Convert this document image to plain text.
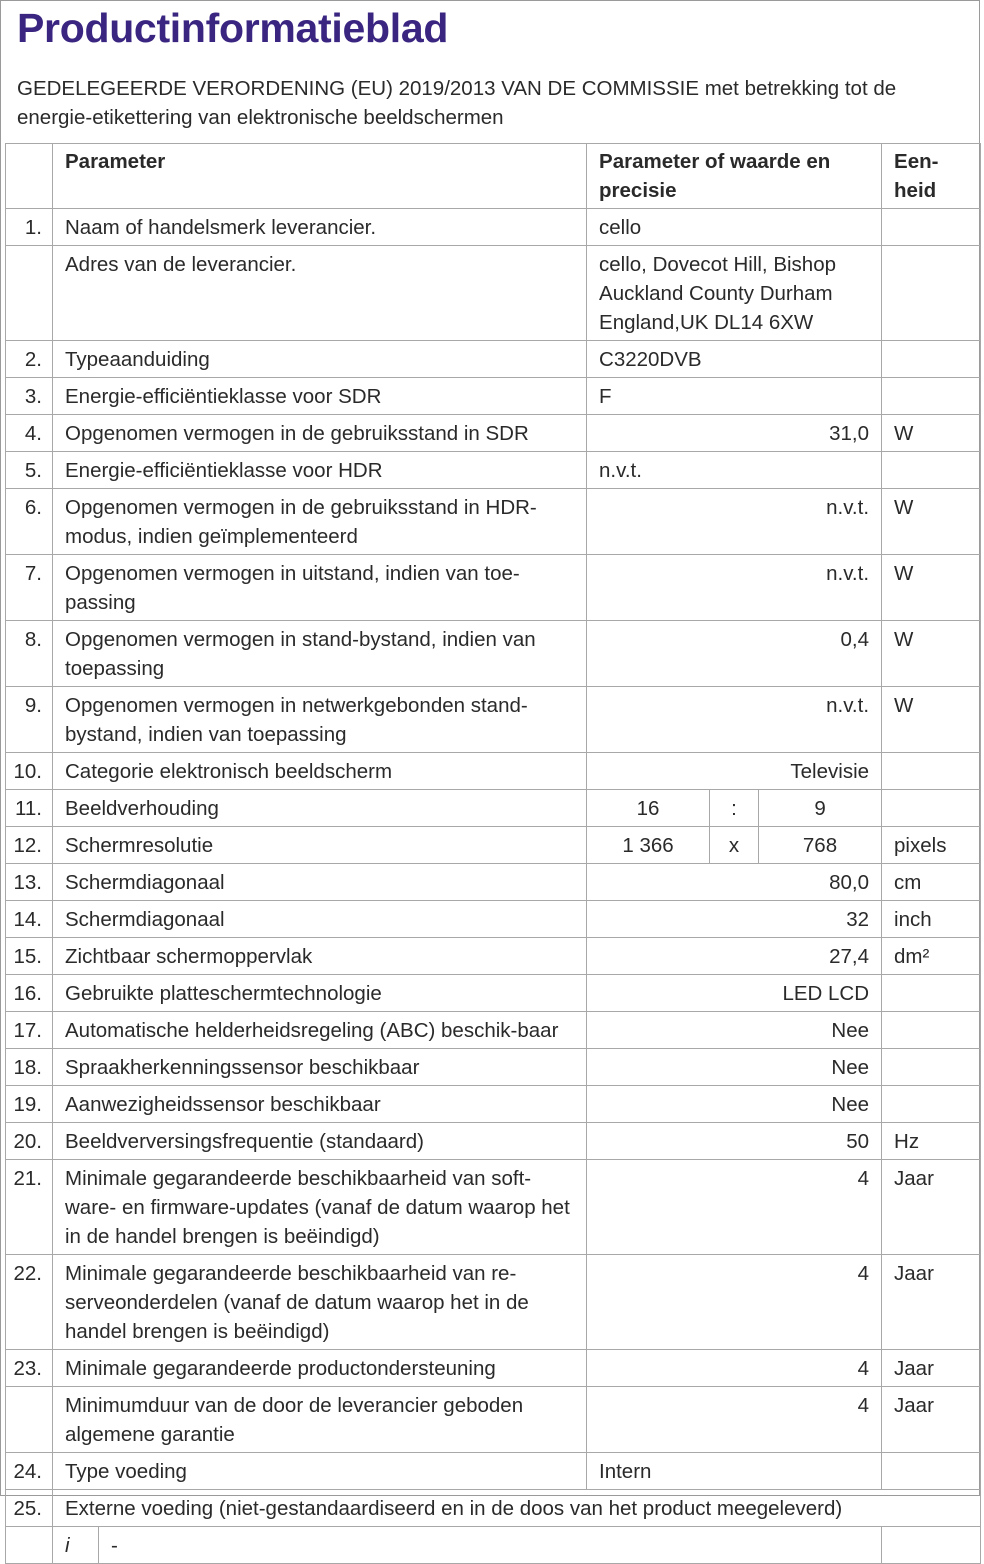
Productinformatieblad
GEDELEGEERDE VERORDENING (EU) 2019/2013 VAN DE COMMISSIE met betrekking tot de energie-etikettering van elektronische beeldschermen
	Parameter		Parameter of waarde en precisie			Een-heid
1.	Naam of handelsmerk leverancier.		cello			
	Adres van de leverancier.		cello, Dovecot Hill, Bishop Auckland County Durham England,UK DL14 6XW			
2.	Typeaanduiding		C3220DVB			
3.	Energie-efficiëntieklasse voor SDR		F			
4.	Opgenomen vermogen in de gebruiksstand in SDR		31,0			W
5.	Energie-efficiëntieklasse voor HDR		n.v.t.			
6.	Opgenomen vermogen in de gebruiksstand in HDR-modus, indien geïmplementeerd		n.v.t.			W
7.	Opgenomen vermogen in uitstand, indien van toe-passing		n.v.t.			W
8.	Opgenomen vermogen in stand-bystand, indien van toepassing		0,4			W
9.	Opgenomen vermogen in netwerkgebonden stand-bystand, indien van toepassing		n.v.t.			W
10.	Categorie elektronisch beeldscherm		Televisie			
11.	Beeldverhouding		16	:	9	
12.	Schermresolutie		1 366	x	768	pixels
13.	Schermdiagonaal		80,0			cm
14.	Schermdiagonaal		32			inch
15.	Zichtbaar schermoppervlak		27,4			dm²
16.	Gebruikte platteschermtechnologie		LED LCD			
17.	Automatische helderheidsregeling (ABC) beschik-baar		Nee			
18.	Spraakherkenningssensor beschikbaar		Nee			
19.	Aanwezigheidssensor beschikbaar		Nee			
20.	Beeldverversingsfrequentie (standaard)		50			Hz
21.	Minimale gegarandeerde beschikbaarheid van soft-ware- en firmware-updates (vanaf de datum waarop het in de handel brengen is beëindigd)		4			Jaar
22.	Minimale gegarandeerde beschikbaarheid van re-serveonderdelen (vanaf de datum waarop het in de handel brengen is beëindigd)		4			Jaar
23.	Minimale gegarandeerde productondersteuning		4			Jaar
	Minimumduur van de door de leverancier geboden algemene garantie		4			Jaar
24.	Type voeding		Intern			
25.	Externe voeding (niet-gestandaardiseerd en in de doos van het product meegeleverd)					
	i	-				
